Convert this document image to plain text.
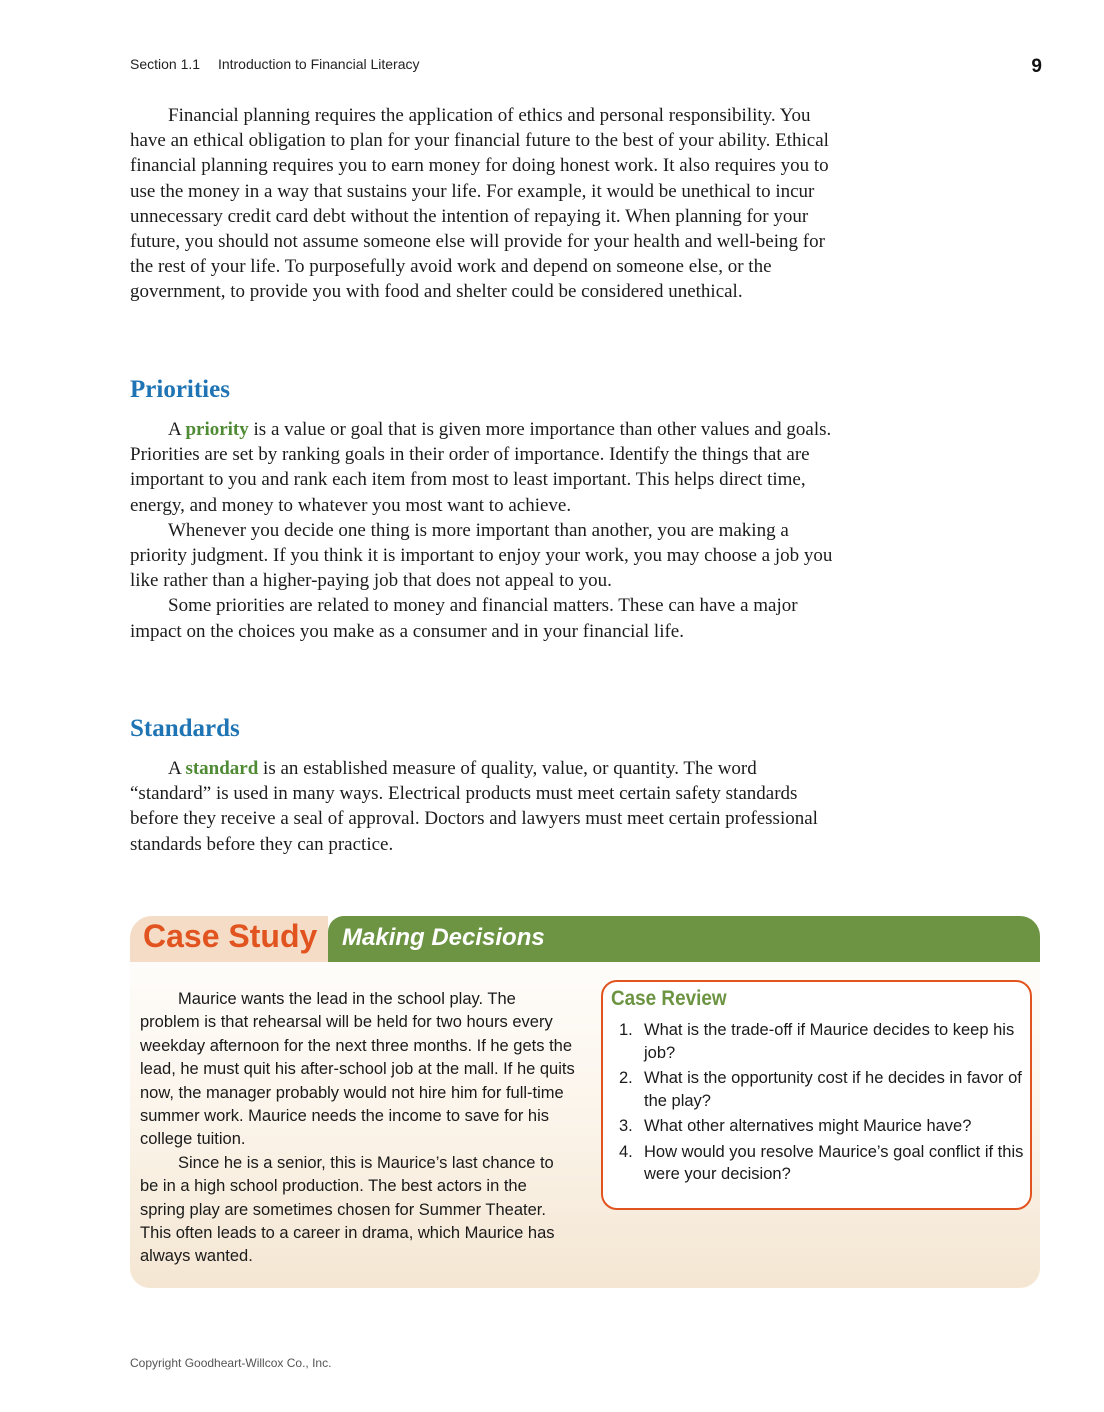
Section 1.1 Introduction to Financial Literacy	9

Financial planning requires the application of ethics and personal responsibility. You have an ethical obligation to plan for your financial future to the best of your ability. Ethical financial planning requires you to earn money for doing honest work. It also requires you to use the money in a way that sustains your life. For example, it would be unethical to incur unnecessary credit card debt without the intention of repaying it. When planning for your future, you should not assume someone else will provide for your health and well-being for the rest of your life. To purposefully avoid work and depend on someone else, or the government, to provide you with food and shelter could be considered unethical.

Priorities

A priority is a value or goal that is given more importance than other values and goals. Priorities are set by ranking goals in their order of importance. Identify the things that are important to you and rank each item from most to least important. This helps direct time, energy, and money to whatever you most want to achieve.

Whenever you decide one thing is more important than another, you are making a priority judgment. If you think it is important to enjoy your work, you may choose a job you like rather than a higher-paying job that does not appeal to you.

Some priorities are related to money and financial matters. These can have a major impact on the choices you make as a consumer and in your financial life.

Standards

A standard is an established measure of quality, value, or quantity. The word “standard” is used in many ways. Electrical products must meet certain safety standards before they receive a seal of approval. Doctors and lawyers must meet certain professional standards before they can practice.

Case Study Making Decisions

Maurice wants the lead in the school play. The problem is that rehearsal will be held for two hours every weekday afternoon for the next three months. If he gets the lead, he must quit his after-school job at the mall. If he quits now, the manager probably would not hire him for full-time summer work. Maurice needs the income to save for his college tuition.

Since he is a senior, this is Maurice’s last chance to be in a high school production. The best actors in the spring play are sometimes chosen for Summer Theater. This often leads to a career in drama, which Maurice has always wanted.

Case Review
1. What is the trade-off if Maurice decides to keep his job?
2. What is the opportunity cost if he decides in favor of the play?
3. What other alternatives might Maurice have?
4. How would you resolve Maurice’s goal conflict if this were your decision?
Copyright Goodheart-Willcox Co., Inc.
